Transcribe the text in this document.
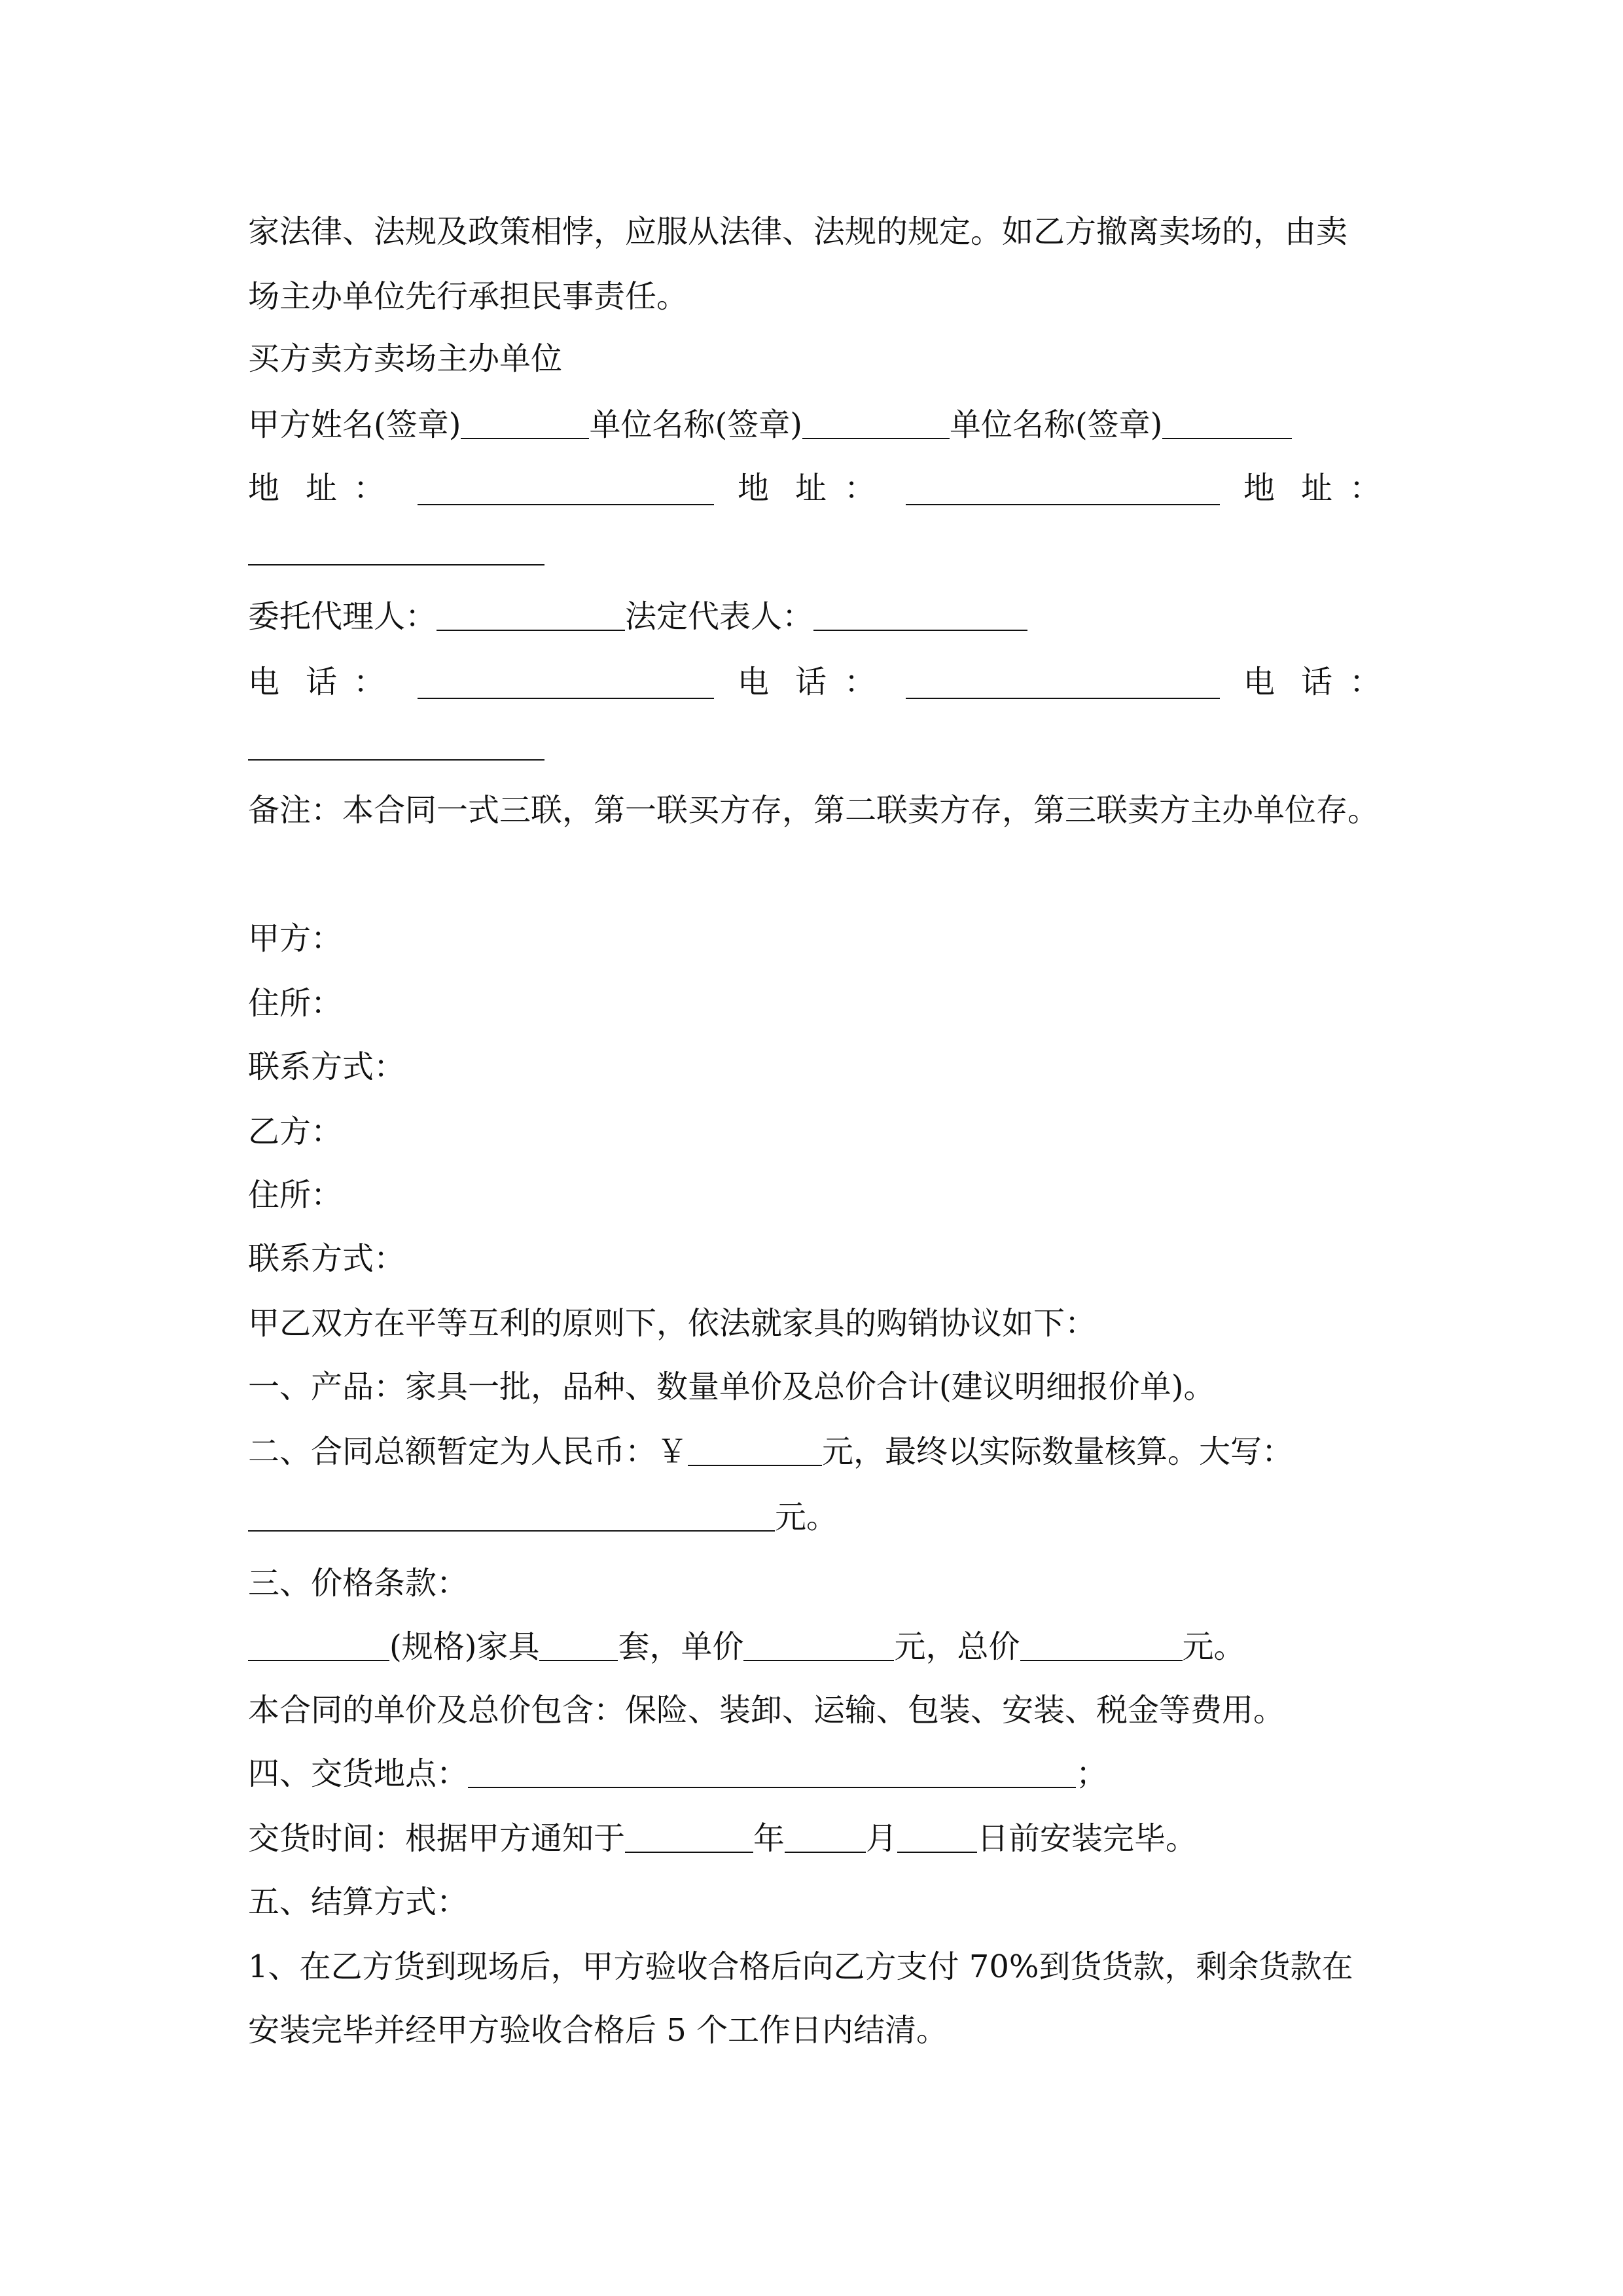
家法律、法规及政策相悖，应服从法律、法规的规定。如乙方撤离卖场的，由卖
场主办单位先行承担民事责任。
买方卖方卖场主办单位
甲方姓名(签章)	单位名称(签章)	单位名称(签章)
地 址 ：	地 址 ：	地 址 ：
委托代理人：	法定代表人：
电 话 ：	电 话 ：	电 话 ：
备注：本合同一式三联，第一联买方存，第二联卖方存，第三联卖方主办单位存。
甲方：
住所：
联系方式：
乙方：
住所：
联系方式：
甲乙双方在平等互利的原则下，依法就家具的购销协议如下：
一、产品：家具一批，品种、数量单价及总价合计(建议明细报价单)。
二、合同总额暂定为人民币：￥	元，最终以实际数量核算。大写：
元。
三、价格条款：
(规格)家具	套，单价	元，总价	元。
本合同的单价及总价包含：保险、装卸、运输、包装、安装、税金等费用。
四、交货地点：	；
交货时间：根据甲方通知于	年	月	日前安装完毕。
五、结算方式：
1、在乙方货到现场后，甲方验收合格后向乙方支付 70%到货货款，剩余货款在
安装完毕并经甲方验收合格后 5 个工作日内结清。
